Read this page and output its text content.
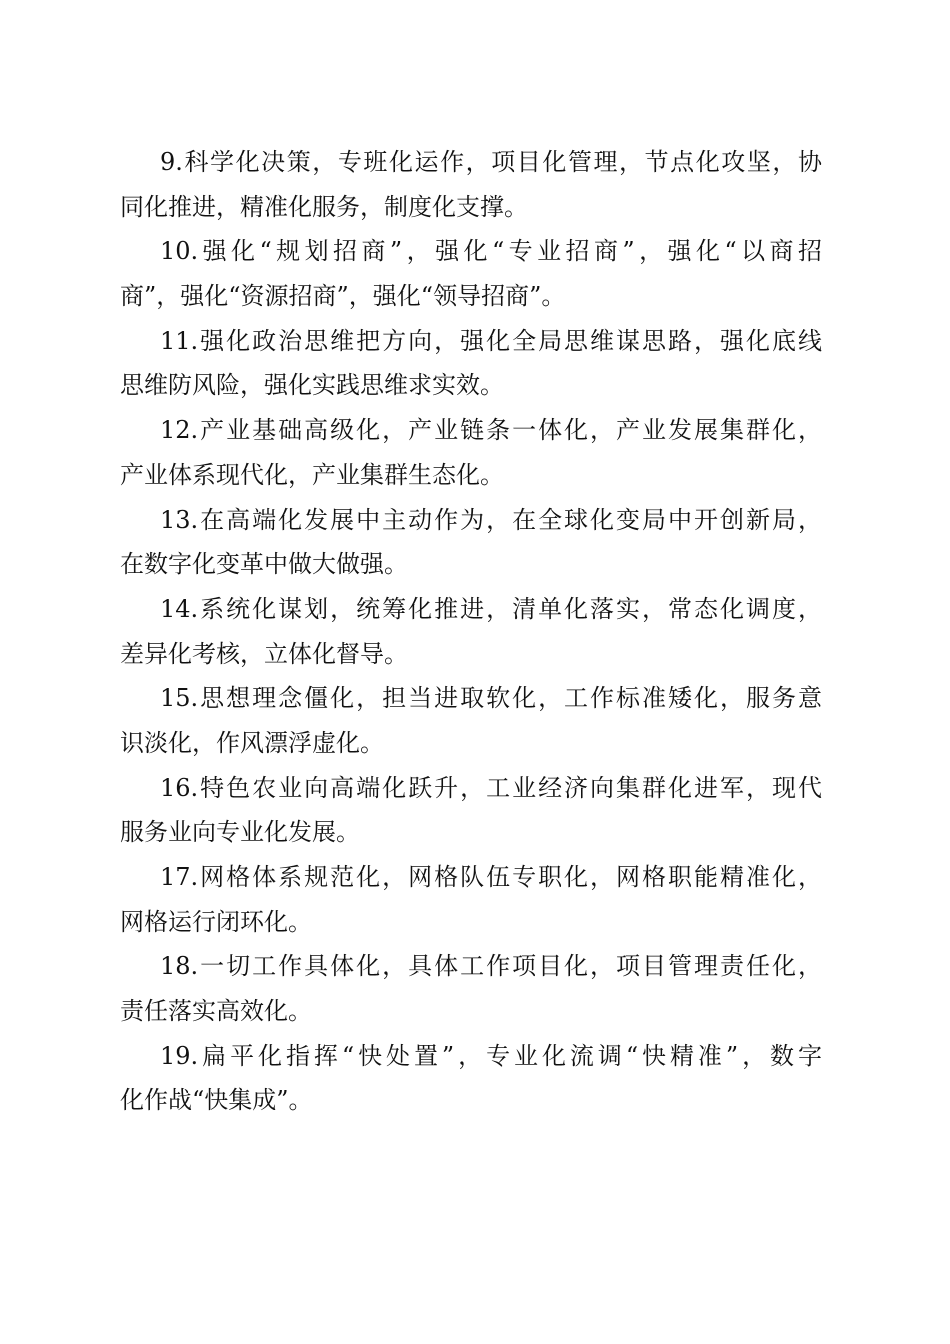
9.科学化决策，专班化运作，项目化管理，节点化攻坚，协
同化推进，精准化服务，制度化支撑。

10.强化“规划招商”，强化“专业招商”，强化“以商招
商”，强化“资源招商”，强化“领导招商”。

11.强化政治思维把方向，强化全局思维谋思路，强化底线
思维防风险，强化实践思维求实效。

12.产业基础高级化，产业链条一体化，产业发展集群化，
产业体系现代化，产业集群生态化。

13.在高端化发展中主动作为，在全球化变局中开创新局，
在数字化变革中做大做强。

14.系统化谋划，统筹化推进，清单化落实，常态化调度，
差异化考核，立体化督导。

15.思想理念僵化，担当进取软化，工作标准矮化，服务意
识淡化，作风漂浮虚化。

16.特色农业向高端化跃升，工业经济向集群化进军，现代
服务业向专业化发展。

17.网格体系规范化，网格队伍专职化，网格职能精准化，
网格运行闭环化。

18.一切工作具体化，具体工作项目化，项目管理责任化，
责任落实高效化。

19.扁平化指挥“快处置”，专业化流调“快精准”，数字
化作战“快集成”。
